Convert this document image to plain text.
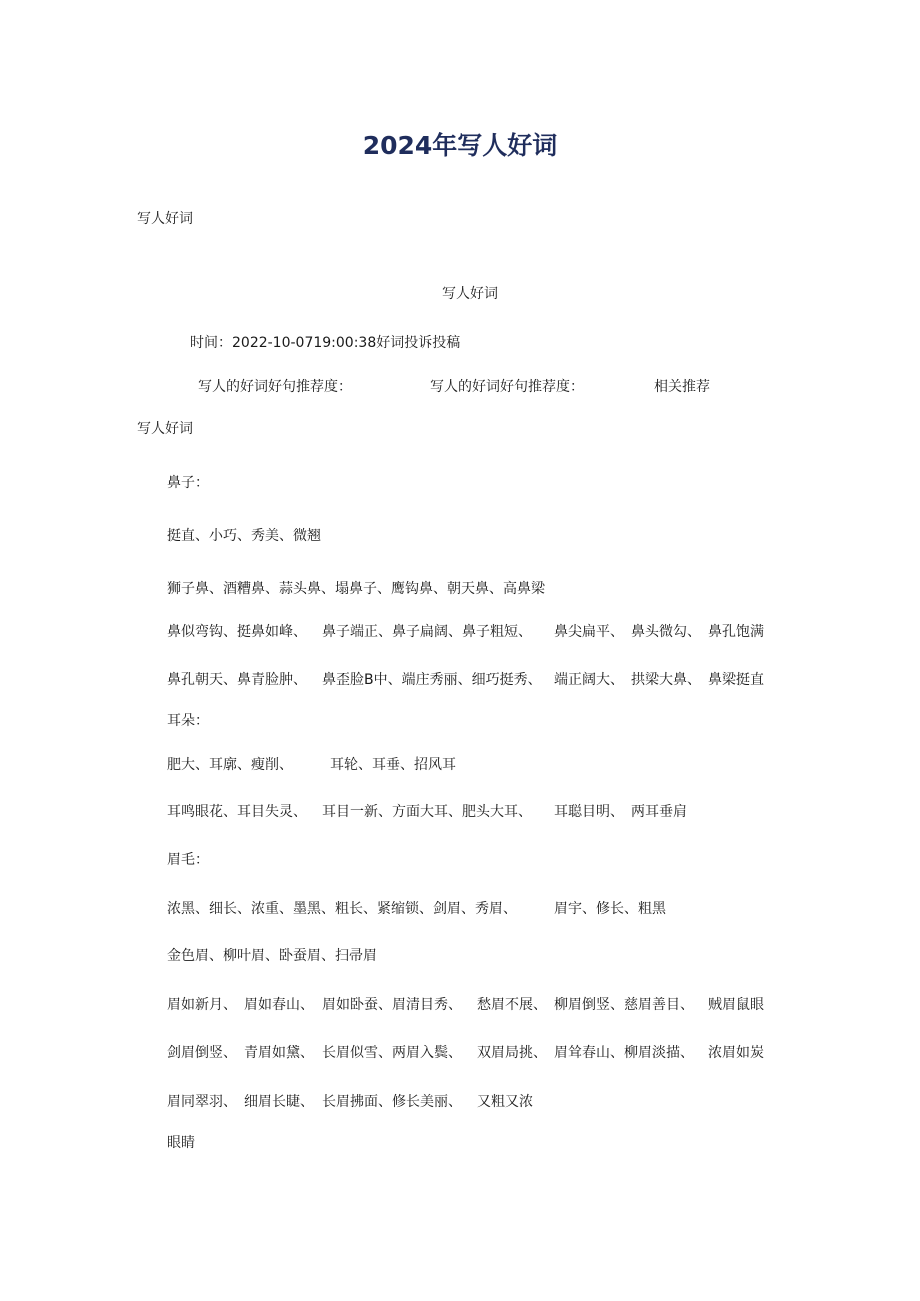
2024年写人好词
写人好词
写人好词
时间：2022-10-0719:00:38好词投诉投稿
写人的好词好句推荐度：	写人的好词好句推荐度：	相关推荐
写人好词
鼻子：
挺直、小巧、秀美、微翘
狮子鼻、酒糟鼻、蒜头鼻、塌鼻子、鹰钩鼻、朝天鼻、高鼻梁
鼻似弯钩、挺鼻如峰、 鼻子端正、鼻子扁阔、鼻子粗短、 鼻尖扁平、 鼻头微勾、 鼻孔饱满
鼻孔朝天、鼻青脸肿、 鼻歪脸B中、端庄秀丽、细巧挺秀、 端正阔大、 拱梁大鼻、 鼻梁挺直
耳朵：
肥大、耳廓、瘦削、	耳轮、耳垂、招风耳
耳鸣眼花、耳目失灵、 耳目一新、方面大耳、肥头大耳、 耳聪目明、 两耳垂肩
眉毛：
浓黑、细长、浓重、墨黑、粗长、紧缩锁、剑眉、秀眉、	眉宇、修长、粗黑
金色眉、柳叶眉、卧蚕眉、扫帚眉
眉如新月、 眉如春山、 眉如卧蚕、眉清目秀、 愁眉不展、 柳眉倒竖、慈眉善目、 贼眉鼠眼
剑眉倒竖、 青眉如黛、 长眉似雪、两眉入鬓、 双眉局挑、 眉耸春山、柳眉淡描、 浓眉如炭
眉同翠羽、 细眉长睫、 长眉拂面、修长美丽、 又粗又浓
眼睛
